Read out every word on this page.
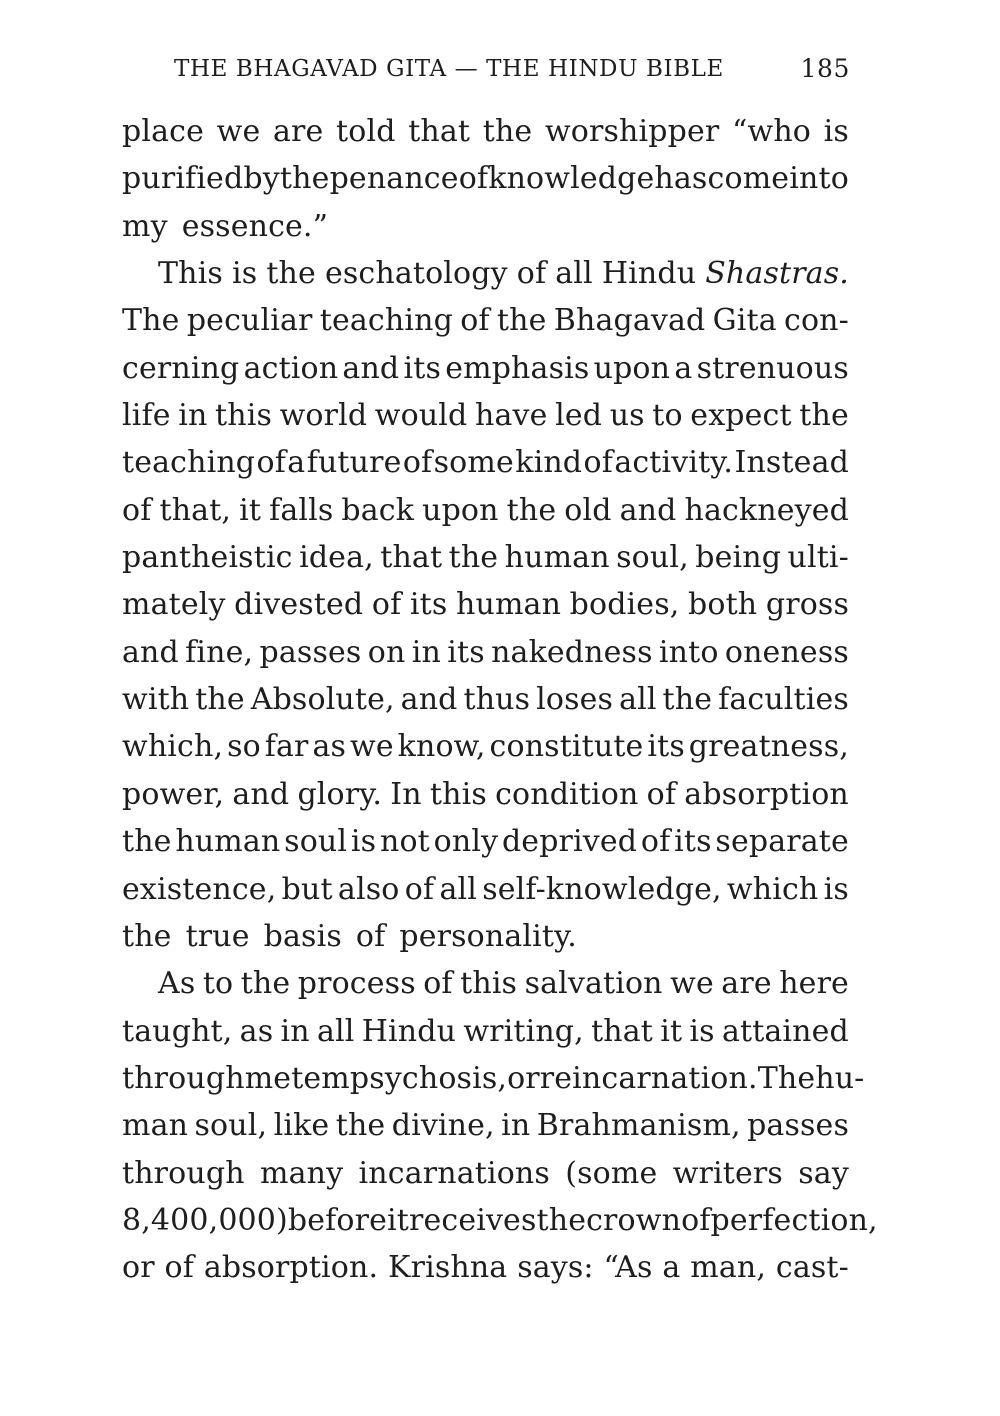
THE BHAGAVAD GITA — THE HINDU BIBLE	185
place we are told that the worshipper “who is
purified by the penance of knowledge has come into
my essence.”
This is the eschatology of all Hindu Shastras.
The peculiar teaching of the Bhagavad Gita con-
cerning action and its emphasis upon a strenuous
life in this world would have led us to expect the
teaching of a future of some kind of activity. Instead
of that, it falls back upon the old and hackneyed
pantheistic idea, that the human soul, being ulti-
mately divested of its human bodies, both gross
and fine, passes on in its nakedness into oneness
with the Absolute, and thus loses all the faculties
which, so far as we know, constitute its greatness,
power, and glory. In this condition of absorption
the human soul is not only deprived of its separate
existence, but also of all self-knowledge, which is
the true basis of personality.
As to the process of this salvation we are here
taught, as in all Hindu writing, that it is attained
through metempsychosis, or reincarnation. The hu-
man soul, like the divine, in Brahmanism, passes
through many incarnations (some writers say
8,400,000) before it receives the crown of perfection,
or of absorption. Krishna says: “As a man, cast-
